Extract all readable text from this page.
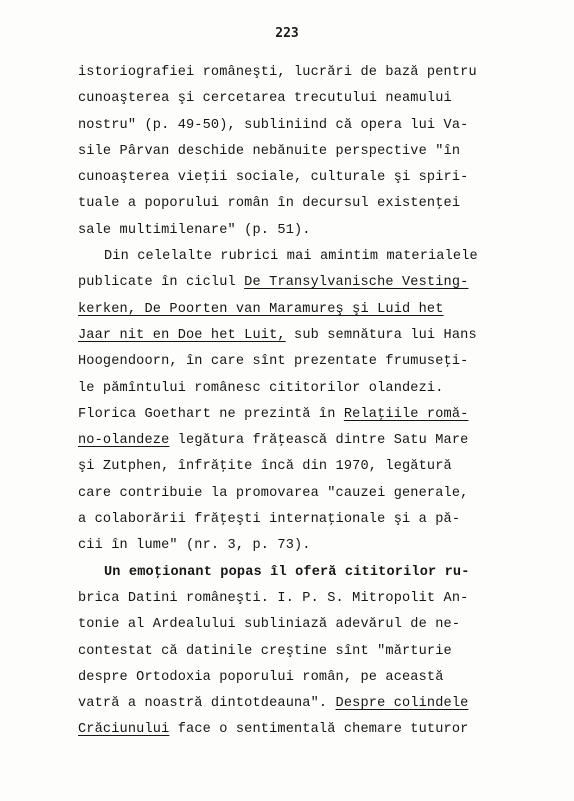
223
istoriografiei româneşti, lucrări de bază pentru
cunoaşterea şi cercetarea trecutului neamului
nostru" (p. 49-50), subliniind că opera lui Va-
sile Pârvan deschide nebănuite perspective "în
cunoaşterea vieţii sociale, culturale şi spiri-
tuale a poporului român în decursul existenţei
sale multimilenare" (p. 51).
Din celelalte rubrici mai amintim materialele
publicate în ciclul De Transylvanische Vesting-
kerken, De Poorten van Maramureş şi Luid het
Jaar nit en Doe het Luit, sub semnătura lui Hans
Hoogendoorn, în care sînt prezentate frumuseţi-
le pămîntului românesc cititorilor olandezi.
Florica Goethart ne prezintă în Relaţiile romă-
no-olandeze legătura frăţească dintre Satu Mare
şi Zutphen, înfrăţite încă din 1970, legătură
care contribuie la promovarea "cauzei generale,
a colaborării frăţeşti internaţionale şi a pă-
cii în lume" (nr. 3, p. 73).
Un emoţionant popas îl oferă cititorilor ru-
brica Datini româneşti. I. P. S. Mitropolit An-
tonie al Ardealului subliniază adevărul de ne-
contestat că datinile creştine sînt "mărturie
despre Ortodoxia poporului român, pe această
vatră a noastră dintotdeauna". Despre colindele
Crăciunului face o sentimentală chemare tuturor
